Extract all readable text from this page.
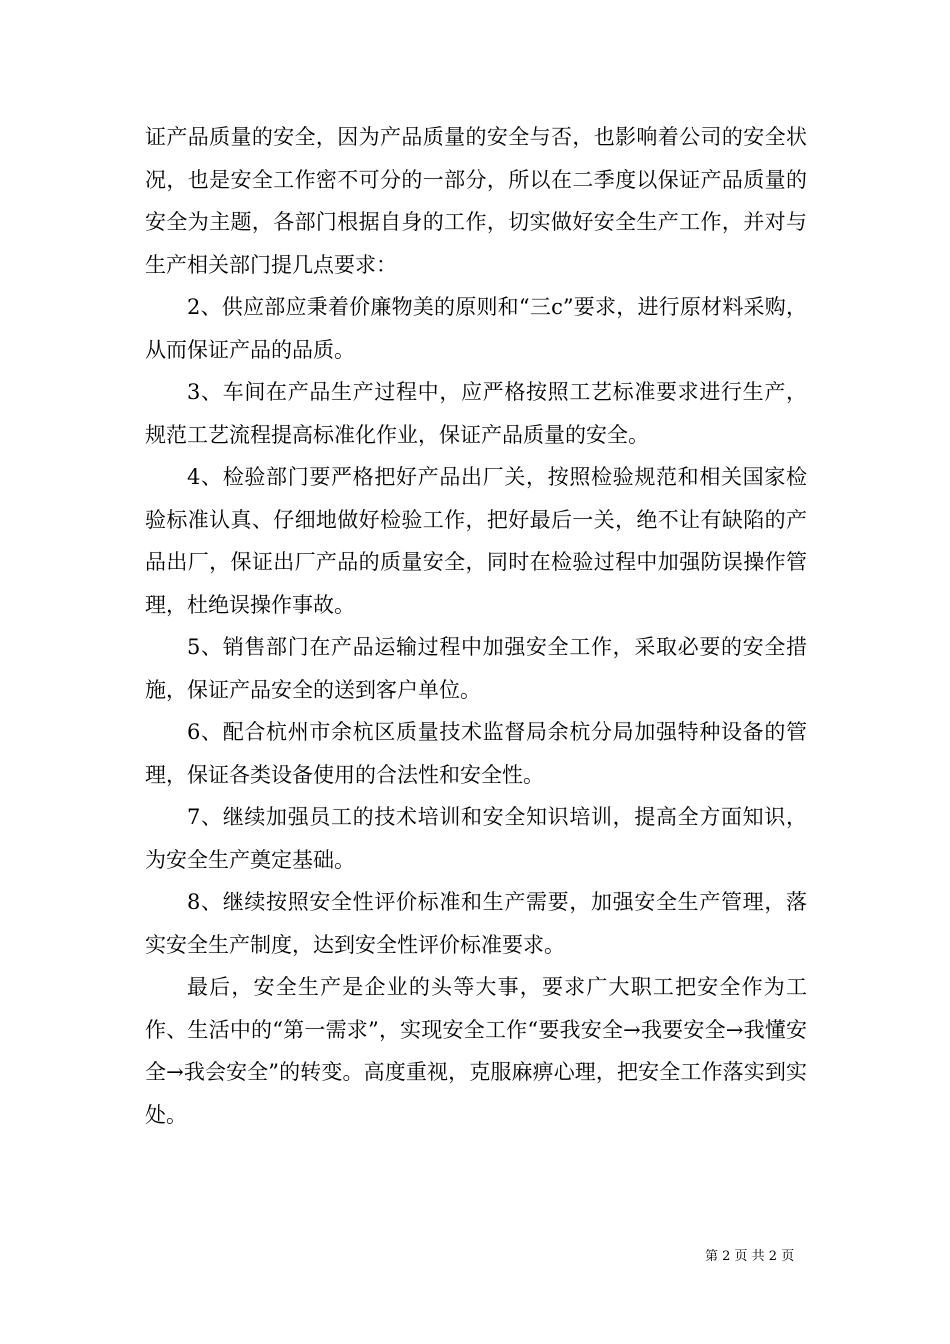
证产品质量的安全，因为产品质量的安全与否，也影响着公司的安全状况，也是安全工作密不可分的一部分，所以在二季度以保证产品质量的安全为主题，各部门根据自身的工作，切实做好安全生产工作，并对与生产相关部门提几点要求：

2、供应部应秉着价廉物美的原则和“三c”要求，进行原材料采购，从而保证产品的品质。

3、车间在产品生产过程中，应严格按照工艺标准要求进行生产，规范工艺流程提高标准化作业，保证产品质量的安全。

4、检验部门要严格把好产品出厂关，按照检验规范和相关国家检验标准认真、仔细地做好检验工作，把好最后一关，绝不让有缺陷的产品出厂，保证出厂产品的质量安全，同时在检验过程中加强防误操作管理，杜绝误操作事故。

5、销售部门在产品运输过程中加强安全工作，采取必要的安全措施，保证产品安全的送到客户单位。

6、配合杭州市余杭区质量技术监督局余杭分局加强特种设备的管理，保证各类设备使用的合法性和安全性。

7、继续加强员工的技术培训和安全知识培训，提高全方面知识，为安全生产奠定基础。

8、继续按照安全性评价标准和生产需要，加强安全生产管理，落实安全生产制度，达到安全性评价标准要求。

最后，安全生产是企业的头等大事，要求广大职工把安全作为工作、生活中的“第一需求”，实现安全工作“要我安全→我要安全→我懂安全→我会安全”的转变。高度重视，克服麻痹心理，把安全工作落实到实处。

第 2 页 共 2 页
